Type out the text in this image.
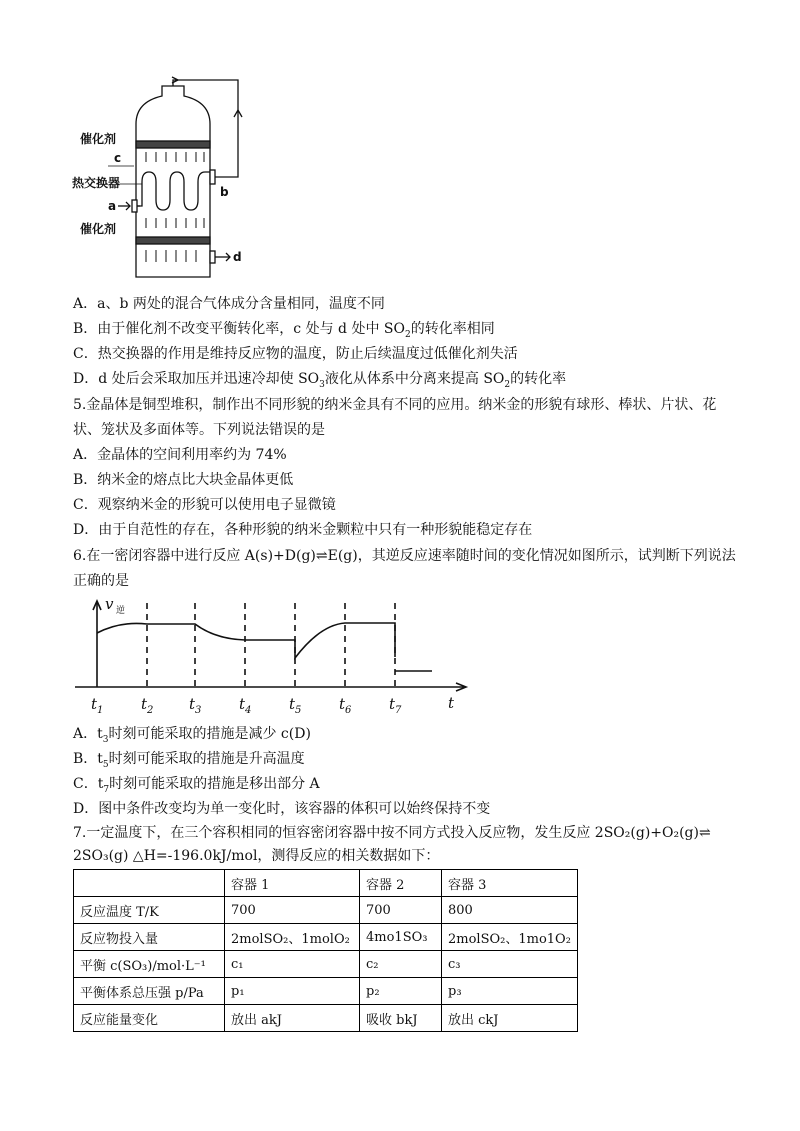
催化剂
c
热交换器
a
b
催化剂
d
A．a、b 两处的混合气体成分含量相同，温度不同
B．由于催化剂不改变平衡转化率，c 处与 d 处中 $SO_2$的转化率相同
C．热交换器的作用是维持反应物的温度，防止后续温度过低催化剂失活
D．d 处后会采取加压并迅速冷却使 $SO_3$液化从体系中分离来提高 $SO_2$的转化率
5.金晶体是铜型堆积，制作出不同形貌的纳米金具有不同的应用。纳米金的形貌有球形、棒状、片状、花
状、笼状及多面体等。下列说法错误的是
A．金晶体的空间利用率约为 74%
B．纳米金的熔点比大块金晶体更低
C．观察纳米金的形貌可以使用电子显微镜
D．由于自范性的存在，各种形貌的纳米金颗粒中只有一种形貌能稳定存在
6.在一密闭容器中进行反应 A(s)+D(g)⇌E(g)，其逆反应速率随时间的变化情况如图所示，试判断下列说法
正确的是
v 逆
t
$t_1$	$t_2$ $t_3$	$t_4$	$t_5$	$t_6$	$t_7$
A．$t_3$时刻可能采取的措施是减少 c(D)
B．$t_5$时刻可能采取的措施是升高温度
C．$t_7$时刻可能采取的措施是移出部分 A
D．图中条件改变均为单一变化时，该容器的体积可以始终保持不变
7.一定温度下，在三个容积相同的恒容密闭容器中按不同方式投入反应物，发生反应 2SO₂(g)+O₂(g)⇌
2SO₃(g) △H=-196.0kJ/mol，测得反应的相关数据如下：
	容器 1	容器 2	容器 3
反应温度 T/K	700	700	800
反应物投入量	2molSO₂、1molO₂	4mo1SO₃	2molSO₂、1mo1O₂
平衡 c(SO₃)/mol·L⁻¹	c₁	c₂	c₃
平衡体系总压强 p/Pa	p₁	p₂	p₃
反应能量变化	放出 akJ	吸收 bkJ	放出 ckJ
